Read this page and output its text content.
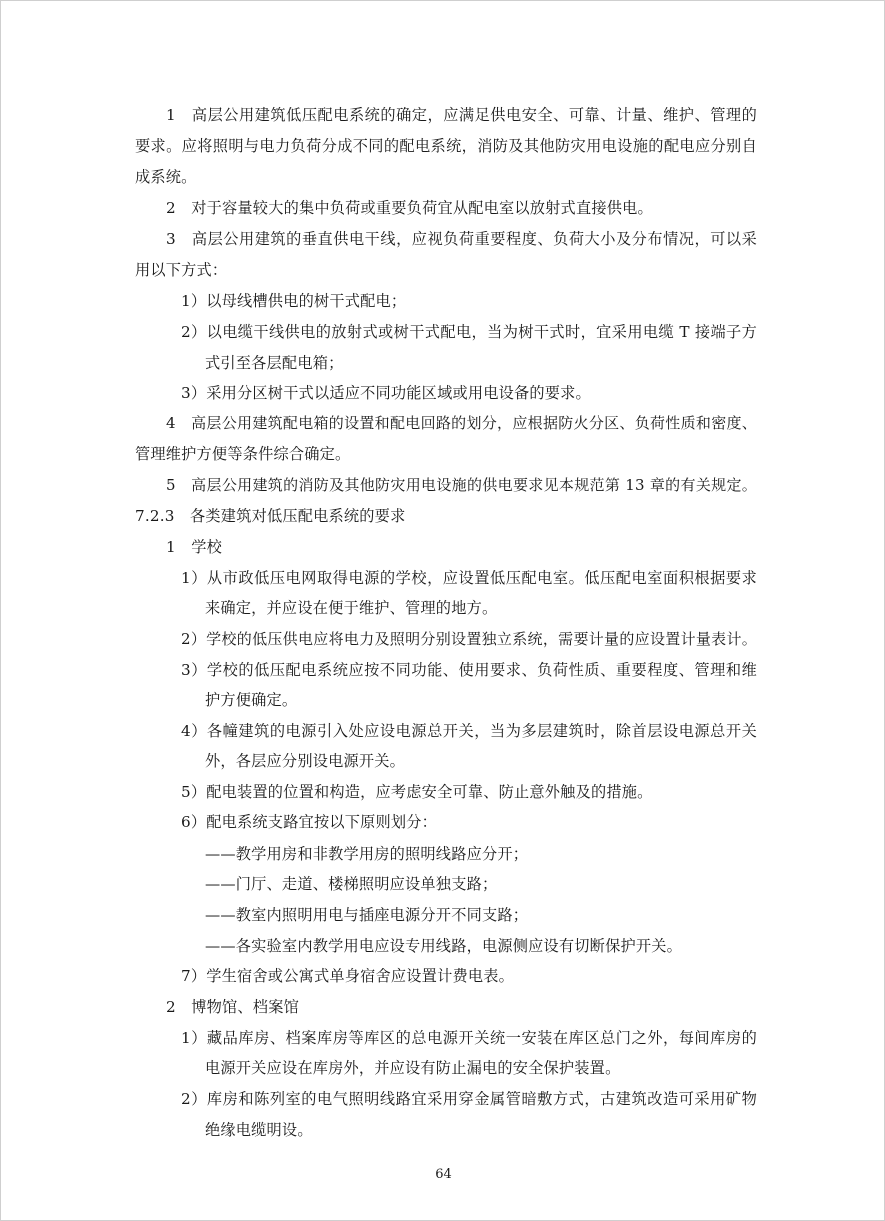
1　高层公用建筑低压配电系统的确定，应满足供电安全、可靠、计量、维护、管理的
要求。应将照明与电力负荷分成不同的配电系统，消防及其他防灾用电设施的配电应分别自
成系统。
2　对于容量较大的集中负荷或重要负荷宜从配电室以放射式直接供电。
3　高层公用建筑的垂直供电干线，应视负荷重要程度、负荷大小及分布情况，可以采
用以下方式：
1）以母线槽供电的树干式配电；
2）以电缆干线供电的放射式或树干式配电，当为树干式时，宜采用电缆 T 接端子方
式引至各层配电箱；
3）采用分区树干式以适应不同功能区域或用电设备的要求。
4　高层公用建筑配电箱的设置和配电回路的划分，应根据防火分区、负荷性质和密度、
管理维护方便等条件综合确定。
5　高层公用建筑的消防及其他防灾用电设施的供电要求见本规范第 13 章的有关规定。
7.2.3　各类建筑对低压配电系统的要求
1　学校
1）从市政低压电网取得电源的学校，应设置低压配电室。低压配电室面积根据要求
来确定，并应设在便于维护、管理的地方。
2）学校的低压供电应将电力及照明分别设置独立系统，需要计量的应设置计量表计。
3）学校的低压配电系统应按不同功能、使用要求、负荷性质、重要程度、管理和维
护方便确定。
4）各幢建筑的电源引入处应设电源总开关，当为多层建筑时，除首层设电源总开关
外，各层应分别设电源开关。
5）配电装置的位置和构造，应考虑安全可靠、防止意外触及的措施。
6）配电系统支路宜按以下原则划分：
——教学用房和非教学用房的照明线路应分开；
——门厅、走道、楼梯照明应设单独支路；
——教室内照明用电与插座电源分开不同支路；
——各实验室内教学用电应设专用线路，电源侧应设有切断保护开关。
7）学生宿舍或公寓式单身宿舍应设置计费电表。
2　博物馆、档案馆
1）藏品库房、档案库房等库区的总电源开关统一安装在库区总门之外，每间库房的
电源开关应设在库房外，并应设有防止漏电的安全保护装置。
2）库房和陈列室的电气照明线路宜采用穿金属管暗敷方式，古建筑改造可采用矿物
绝缘电缆明设。
64
